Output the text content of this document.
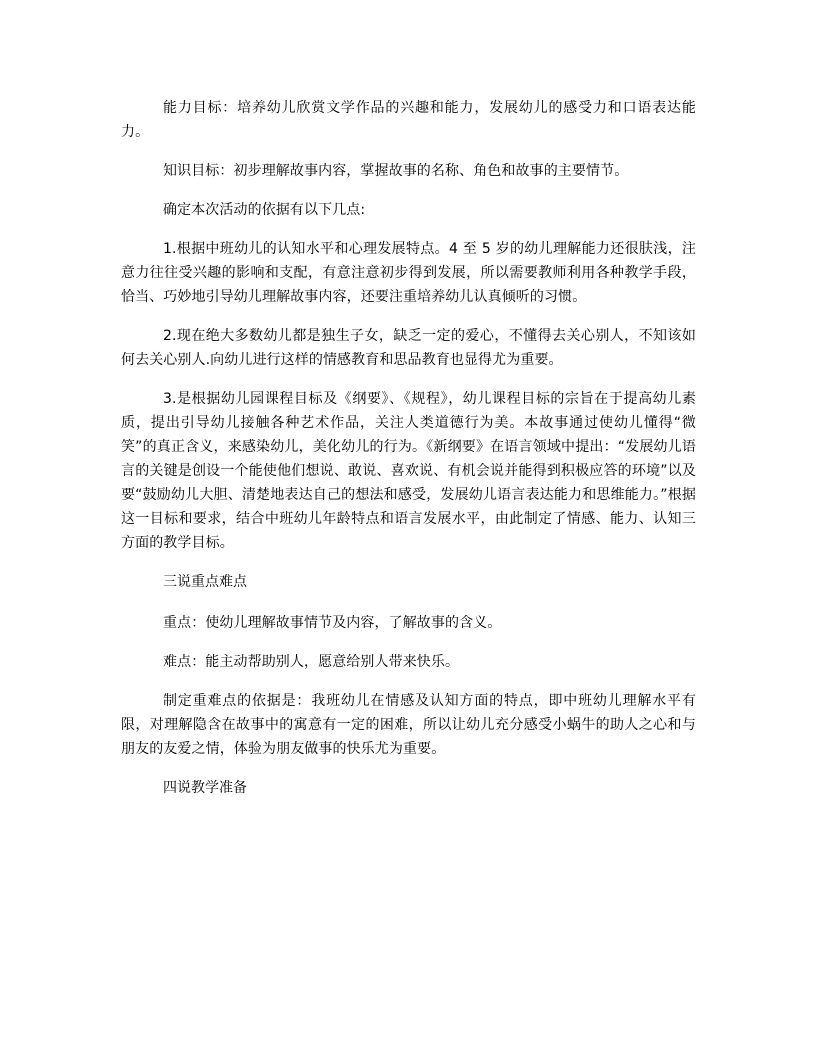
能力目标：培养幼儿欣赏文学作品的兴趣和能力，发展幼儿的感受力和口语表达能力。

知识目标：初步理解故事内容，掌握故事的名称、角色和故事的主要情节。

确定本次活动的依据有以下几点:

1.根据中班幼儿的认知水平和心理发展特点。4 至 5 岁的幼儿理解能力还很肤浅，注意力往往受兴趣的影响和支配，有意注意初步得到发展，所以需要教师利用各种教学手段，恰当、巧妙地引导幼儿理解故事内容，还要注重培养幼儿认真倾听的习惯。

2.现在绝大多数幼儿都是独生子女，缺乏一定的爱心，不懂得去关心别人，不知该如何去关心别人.向幼儿进行这样的情感教育和思品教育也显得尤为重要。

3.是根据幼儿园课程目标及《纲要》、《规程》，幼儿课程目标的宗旨在于提高幼儿素质，提出引导幼儿接触各种艺术作品，关注人类道德行为美。本故事通过使幼儿懂得“微笑”的真正含义，来感染幼儿，美化幼儿的行为。《新纲要》在语言领域中提出：“发展幼儿语言的关键是创设一个能使他们想说、敢说、喜欢说、有机会说并能得到积极应答的环境”以及要“鼓励幼儿大胆、清楚地表达自己的想法和感受，发展幼儿语言表达能力和思维能力。”根据这一目标和要求，结合中班幼儿年龄特点和语言发展水平，由此制定了情感、能力、认知三方面的教学目标。

三说重点难点

重点：使幼儿理解故事情节及内容，了解故事的含义。

难点：能主动帮助别人，愿意给别人带来快乐。

制定重难点的依据是：我班幼儿在情感及认知方面的特点，即中班幼儿理解水平有限，对理解隐含在故事中的寓意有一定的困难，所以让幼儿充分感受小蜗牛的助人之心和与朋友的友爱之情，体验为朋友做事的快乐尤为重要。

四说教学准备
